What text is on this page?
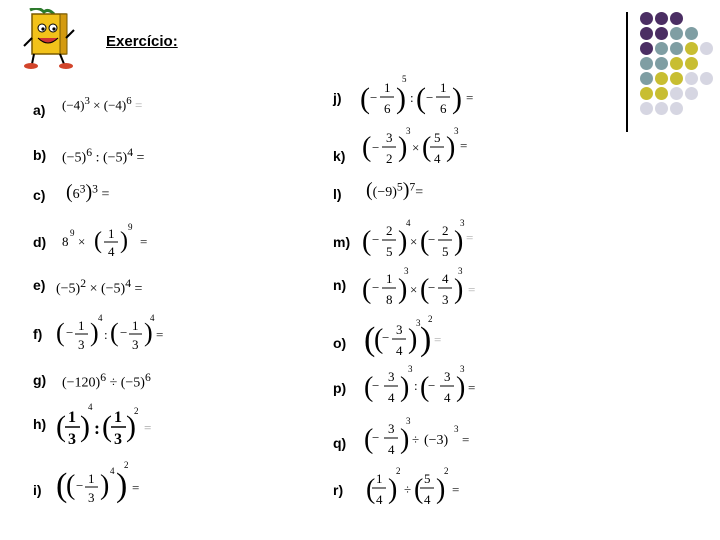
Exercício:
a)
b)
c)
d)
e)
f)
g)
h)
i)
j)
k)
l)
m)
n)
o)
p)
q)
r)
$(-4)^3 \times (-4)^6$ =
$(-5)^6$ : $(-5)^4$ =
$(6^3)^3$ =
8
9
× ( 1
4 )
9
=
$(-5)^2 \times (-5)^4$ =
( − 1
3 ) 4
: ( − 1
3 )
4
=
$(-120)^6 \div (-5)^6$
( 1
3 )
4
: ( 1
3 )
2
=
(
( − 1
3 ) 4 )
2
=
( −
1
6 )
5
: ( −
1
6 ) =
( −
3
2 )
3
× ( 5
4 )
3
=
$((-9)^5)^7=$
( −
2
5 )
4
× (
−
2
5 )
3
=
( −
1
8 )
3
× (
−
4
3 )
3
=
(
(
−
3
4 )
3 )
2
=
(
−
3
4 )
3
: (
−
3
4 )
3
=
(
−
3
4 )
3
÷ (−3)
3
=
( 1
4 )
2
÷ ( 5
4 )
2
=
